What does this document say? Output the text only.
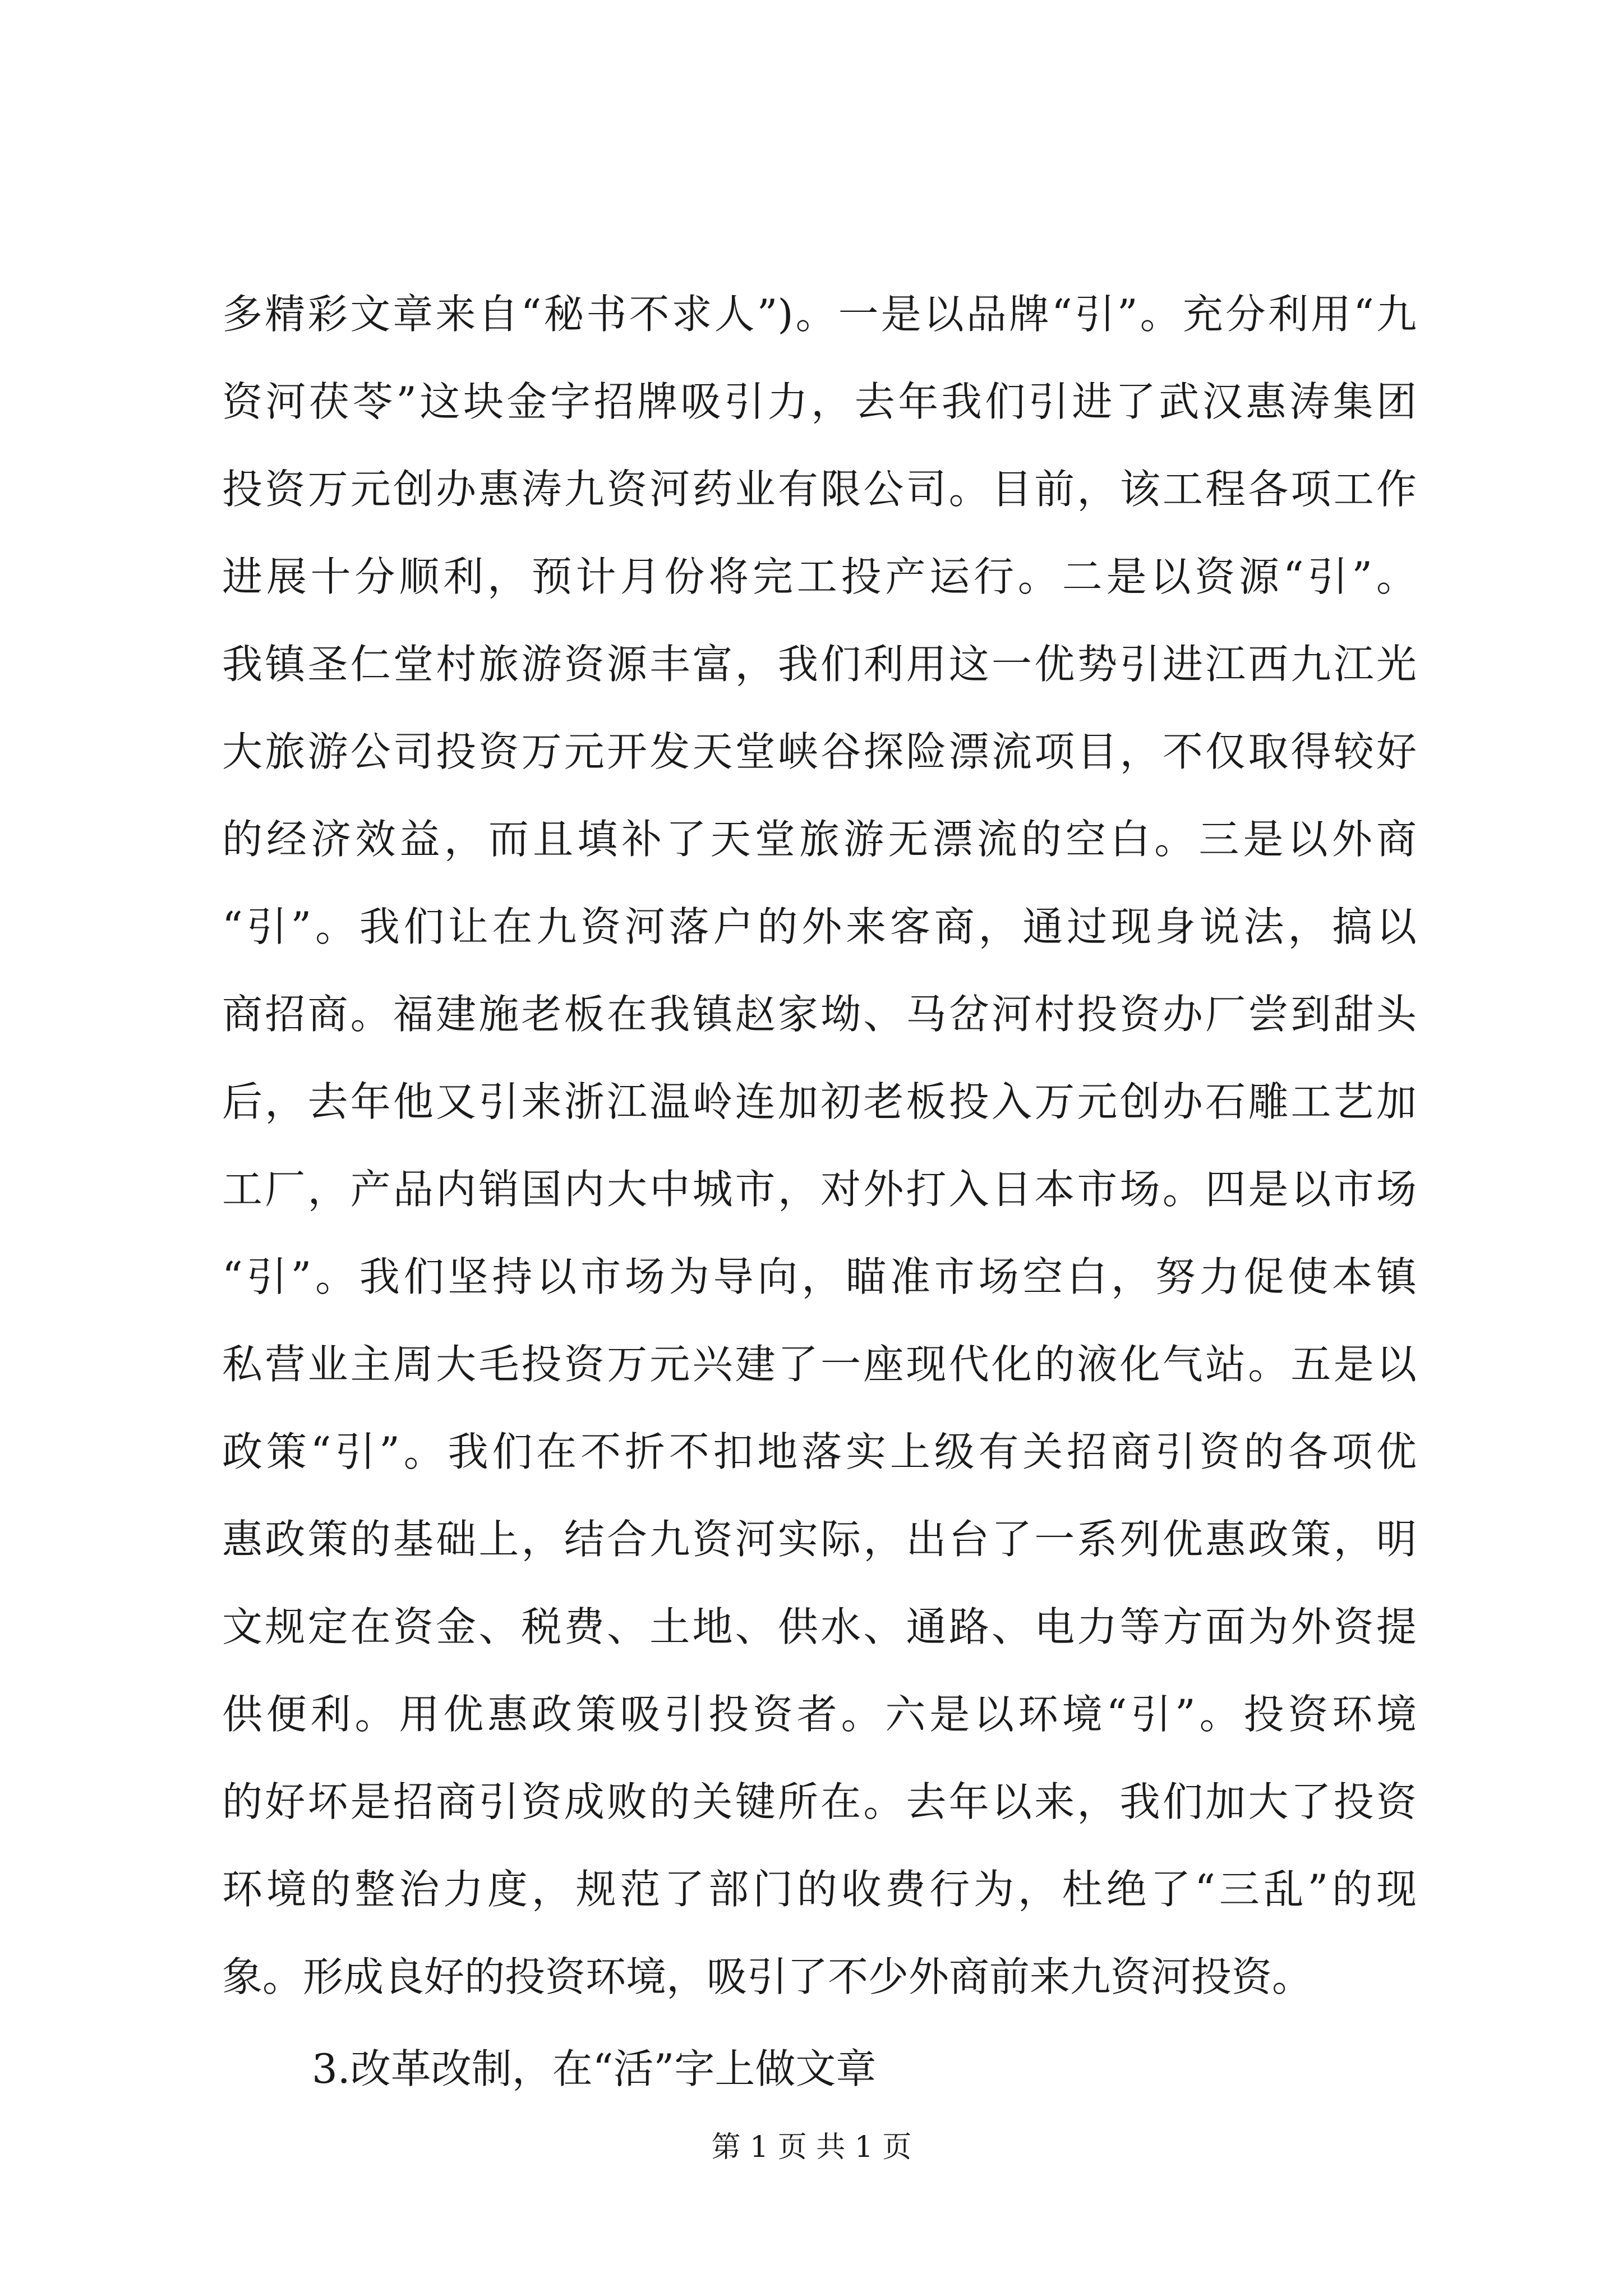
多精彩文章来自“秘书不求人”)。一是以品牌“引”。充分利用“九
资河茯苓”这块金字招牌吸引力，去年我们引进了武汉惠涛集团
投资万元创办惠涛九资河药业有限公司。目前，该工程各项工作
进展十分顺利，预计月份将完工投产运行。二是以资源“引”。
我镇圣仁堂村旅游资源丰富，我们利用这一优势引进江西九江光
大旅游公司投资万元开发天堂峡谷探险漂流项目，不仅取得较好
的经济效益，而且填补了天堂旅游无漂流的空白。三是以外商
“引”。我们让在九资河落户的外来客商，通过现身说法，搞以
商招商。福建施老板在我镇赵家坳、马岔河村投资办厂尝到甜头
后，去年他又引来浙江温岭连加初老板投入万元创办石雕工艺加
工厂，产品内销国内大中城市，对外打入日本市场。四是以市场
“引”。我们坚持以市场为导向，瞄准市场空白，努力促使本镇
私营业主周大毛投资万元兴建了一座现代化的液化气站。五是以
政策“引”。我们在不折不扣地落实上级有关招商引资的各项优
惠政策的基础上，结合九资河实际，出台了一系列优惠政策，明
文规定在资金、税费、土地、供水、通路、电力等方面为外资提
供便利。用优惠政策吸引投资者。六是以环境“引”。投资环境
的好坏是招商引资成败的关键所在。去年以来，我们加大了投资
环境的整治力度，规范了部门的收费行为，杜绝了“三乱”的现
象。形成良好的投资环境，吸引了不少外商前来九资河投资。
3.改革改制，在“活”字上做文章
第 1 页 共 1 页
